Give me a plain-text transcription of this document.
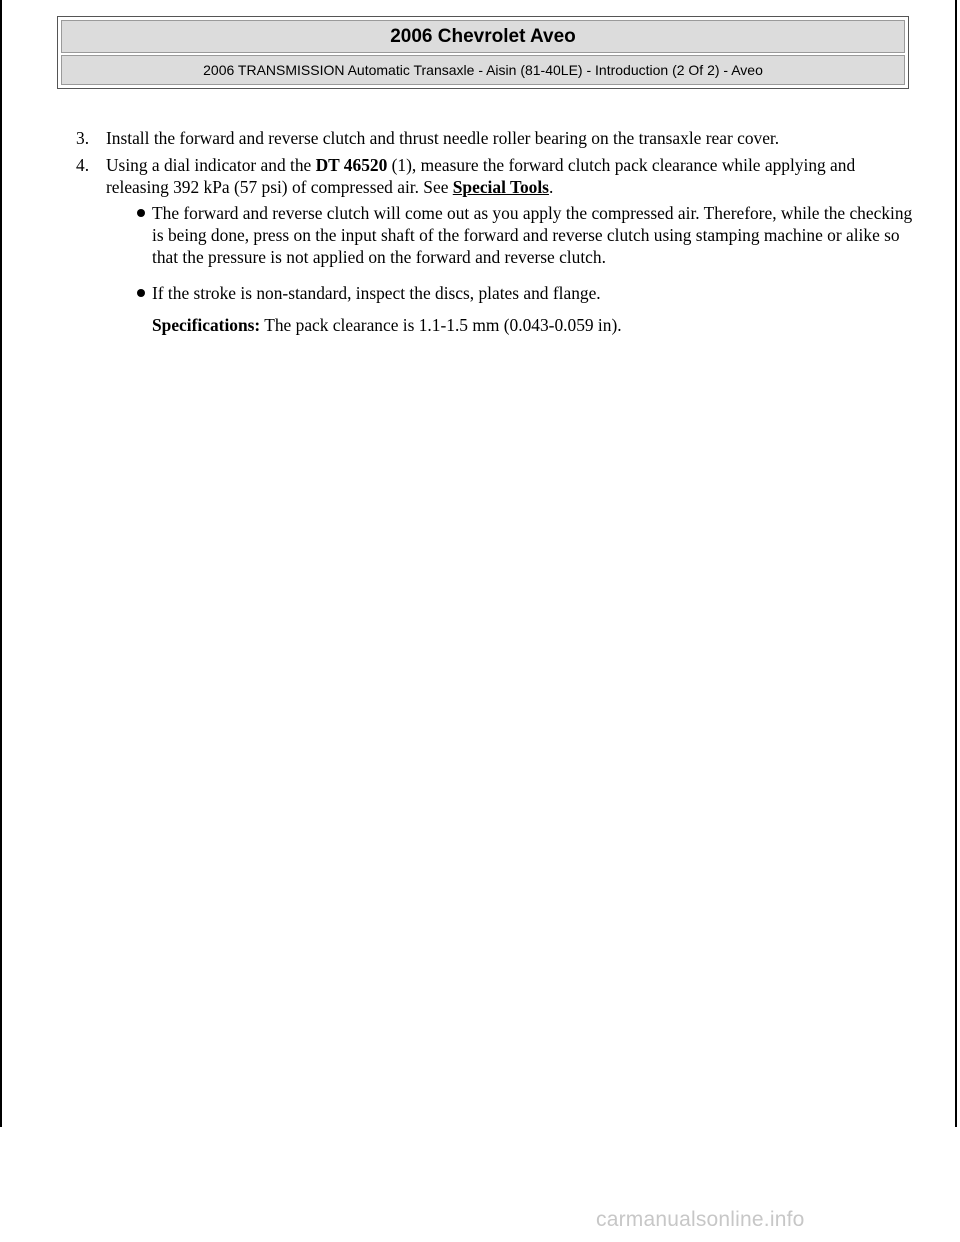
2006 Chevrolet Aveo
2006 TRANSMISSION Automatic Transaxle - Aisin (81-40LE) - Introduction (2 Of 2) - Aveo
3. Install the forward and reverse clutch and thrust needle roller bearing on the transaxle rear cover.
4. Using a dial indicator and the DT 46520 (1), measure the forward clutch pack clearance while applying and releasing 392 kPa (57 psi) of compressed air. See Special Tools.
The forward and reverse clutch will come out as you apply the compressed air. Therefore, while the checking is being done, press on the input shaft of the forward and reverse clutch using stamping machine or alike so that the pressure is not applied on the forward and reverse clutch.
If the stroke is non-standard, inspect the discs, plates and flange.
Specifications: The pack clearance is 1.1-1.5 mm (0.043-0.059 in).
carmanualsonline.info
